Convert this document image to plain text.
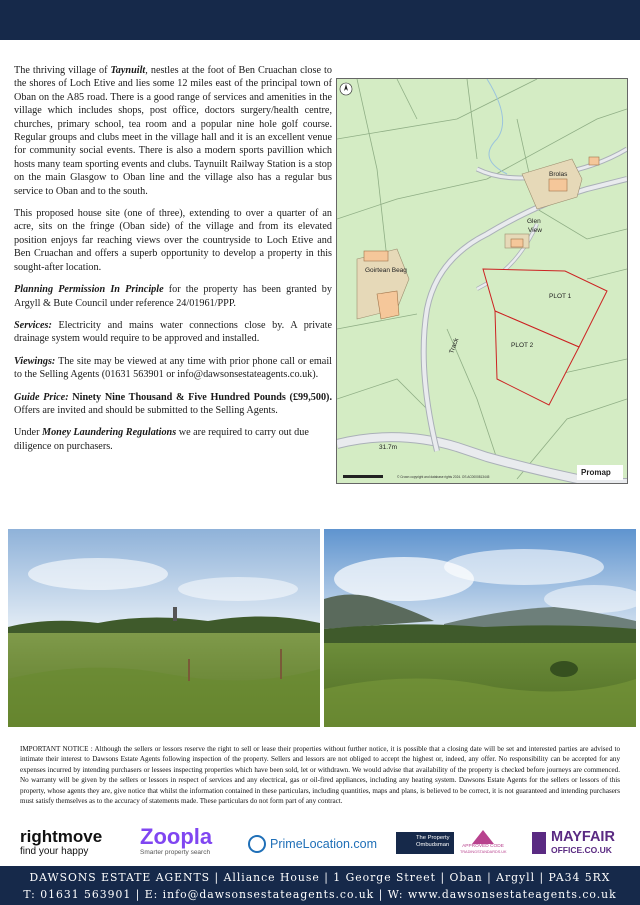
The thriving village of Taynuilt, nestles at the foot of Ben Cruachan close to the shores of Loch Etive and lies some 12 miles east of the principal town of Oban on the A85 road. There is a good range of services and amenities in the village which includes shops, post office, doctors surgery/health centre, churches, primary school, tea room and a popular nine hole golf course. Regular groups and clubs meet in the village hall and it is an excellent venue for community social events. There is also a modern sports pavillion which hosts many team sporting events and clubs. Taynuilt Railway Station is a stop on the main Glasgow to Oban line and the village also has a regular bus service to Oban and to the south.

This proposed house site (one of three), extending to over a quarter of an acre, sits on the fringe (Oban side) of the village and from its elevated position enjoys far reaching views over the countryside to Loch Etive and Ben Cruachan and offers a superb opportunity to develop a property in this sought-after location.

Planning Permission In Principle for the property has been granted by Argyll & Bute Council under reference 24/01961/PPP.

Services: Electricity and mains water connections close by. A private drainage system would require to be approved and installed.

Viewings: The site may be viewed at any time with prior phone call or email to the Selling Agents (01631 563901 or info@dawsonsestateagents.co.uk).

Guide Price: Ninety Nine Thousand & Five Hundred Pounds (£99,500). Offers are invited and should be submitted to the Selling Agents.

Under Money Laundering Regulations we are required to carry out due diligence on purchasers.

Brolas
Glen
View
Goirtean Beag
PLOT 1
PLOT 2
Track
31.7m
© Crown copyright and database rights 2024. OS AC0000813445	Promap
IMPORTANT NOTICE : Although the sellers or lessors reserve the right to sell or lease their properties without further notice, it is possible that a closing date will be set and interested parties are advised to intimate their interest to Dawsons Estate Agents following inspection of the property. Sellers and lessors are not obliged to accept the highest or, indeed, any offer. No responsibility can be accepted for any expenses incurred by intending purchasers or lessees inspecting properties which have been sold, let or withdrawn. We would advise that availability of the property is checked before journeys are commenced. No warranty will be given by the sellers or lessors in respect of services and any electrical, gas or oil-fired appliances, including any heating system. Dawsons Estate Agents for the sellers or lessors of this property, whose agents they are, give notice that whilst the information contained in these particulars, including quantities, maps and plans, is believed to be correct, it is not guaranteed and intending purchasers must satisfy themselves as to the accuracy of statements made. These particulars do not form part of any contract.
rightmove
find your happy
Zoopla
Smarter property search
PrimeLocation.com	The Property
Ombudsman	APPROVED CODE
TRADINGSTANDARDS.UK
MAYFAIR
OFFICE.CO.UK
DAWSONS ESTATE AGENTS | Alliance House | 1 George Street | Oban | Argyll | PA34 5RX
T: 01631 563901 | E: info@dawsonsestateagents.co.uk | W: www.dawsonsestateagents.co.uk
